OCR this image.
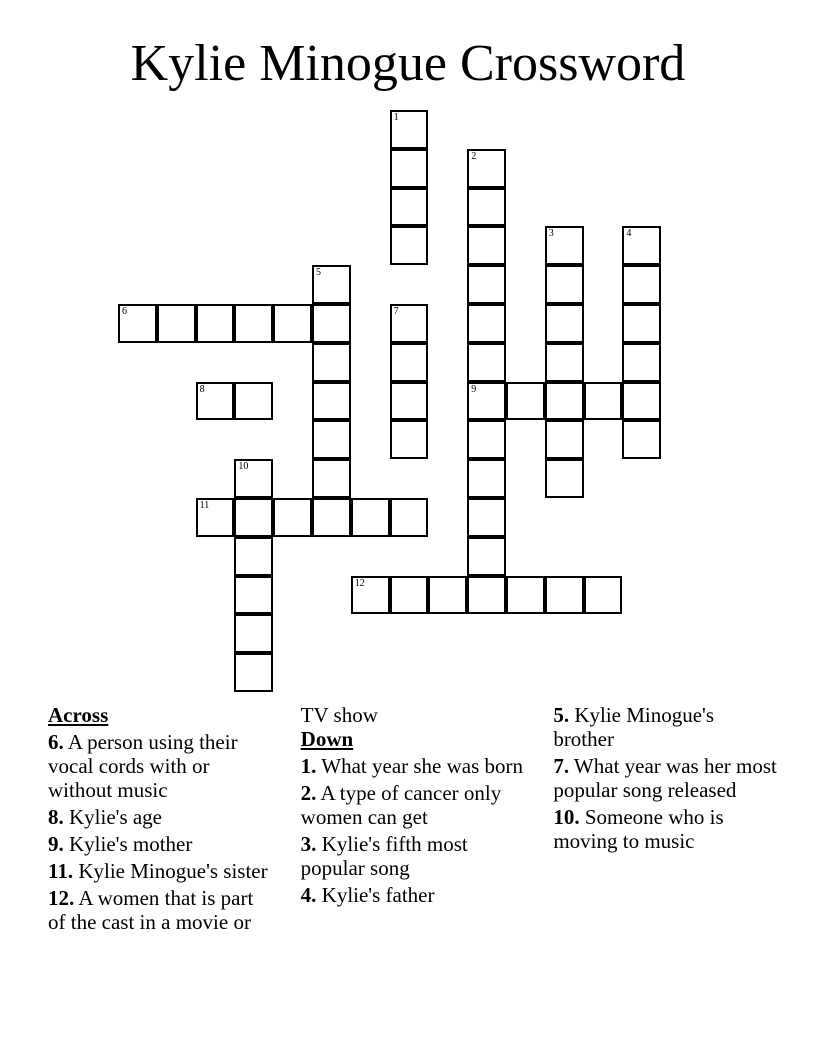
Kylie Minogue Crossword
6
8	9
11
12
1
2
3	4
5
7
10
Across
6. A person using their vocal cords with or without music
8. Kylie's age
9. Kylie's mother
11. Kylie Minogue's sister
12. A women that is part of the cast in a movie or TV show
Down
1. What year she was born
2. A type of cancer only women can get
3. Kylie's fifth most popular song
4. Kylie's father
5. Kylie Minogue's brother
7. What year was her most popular song released
10. Someone who is moving to music
